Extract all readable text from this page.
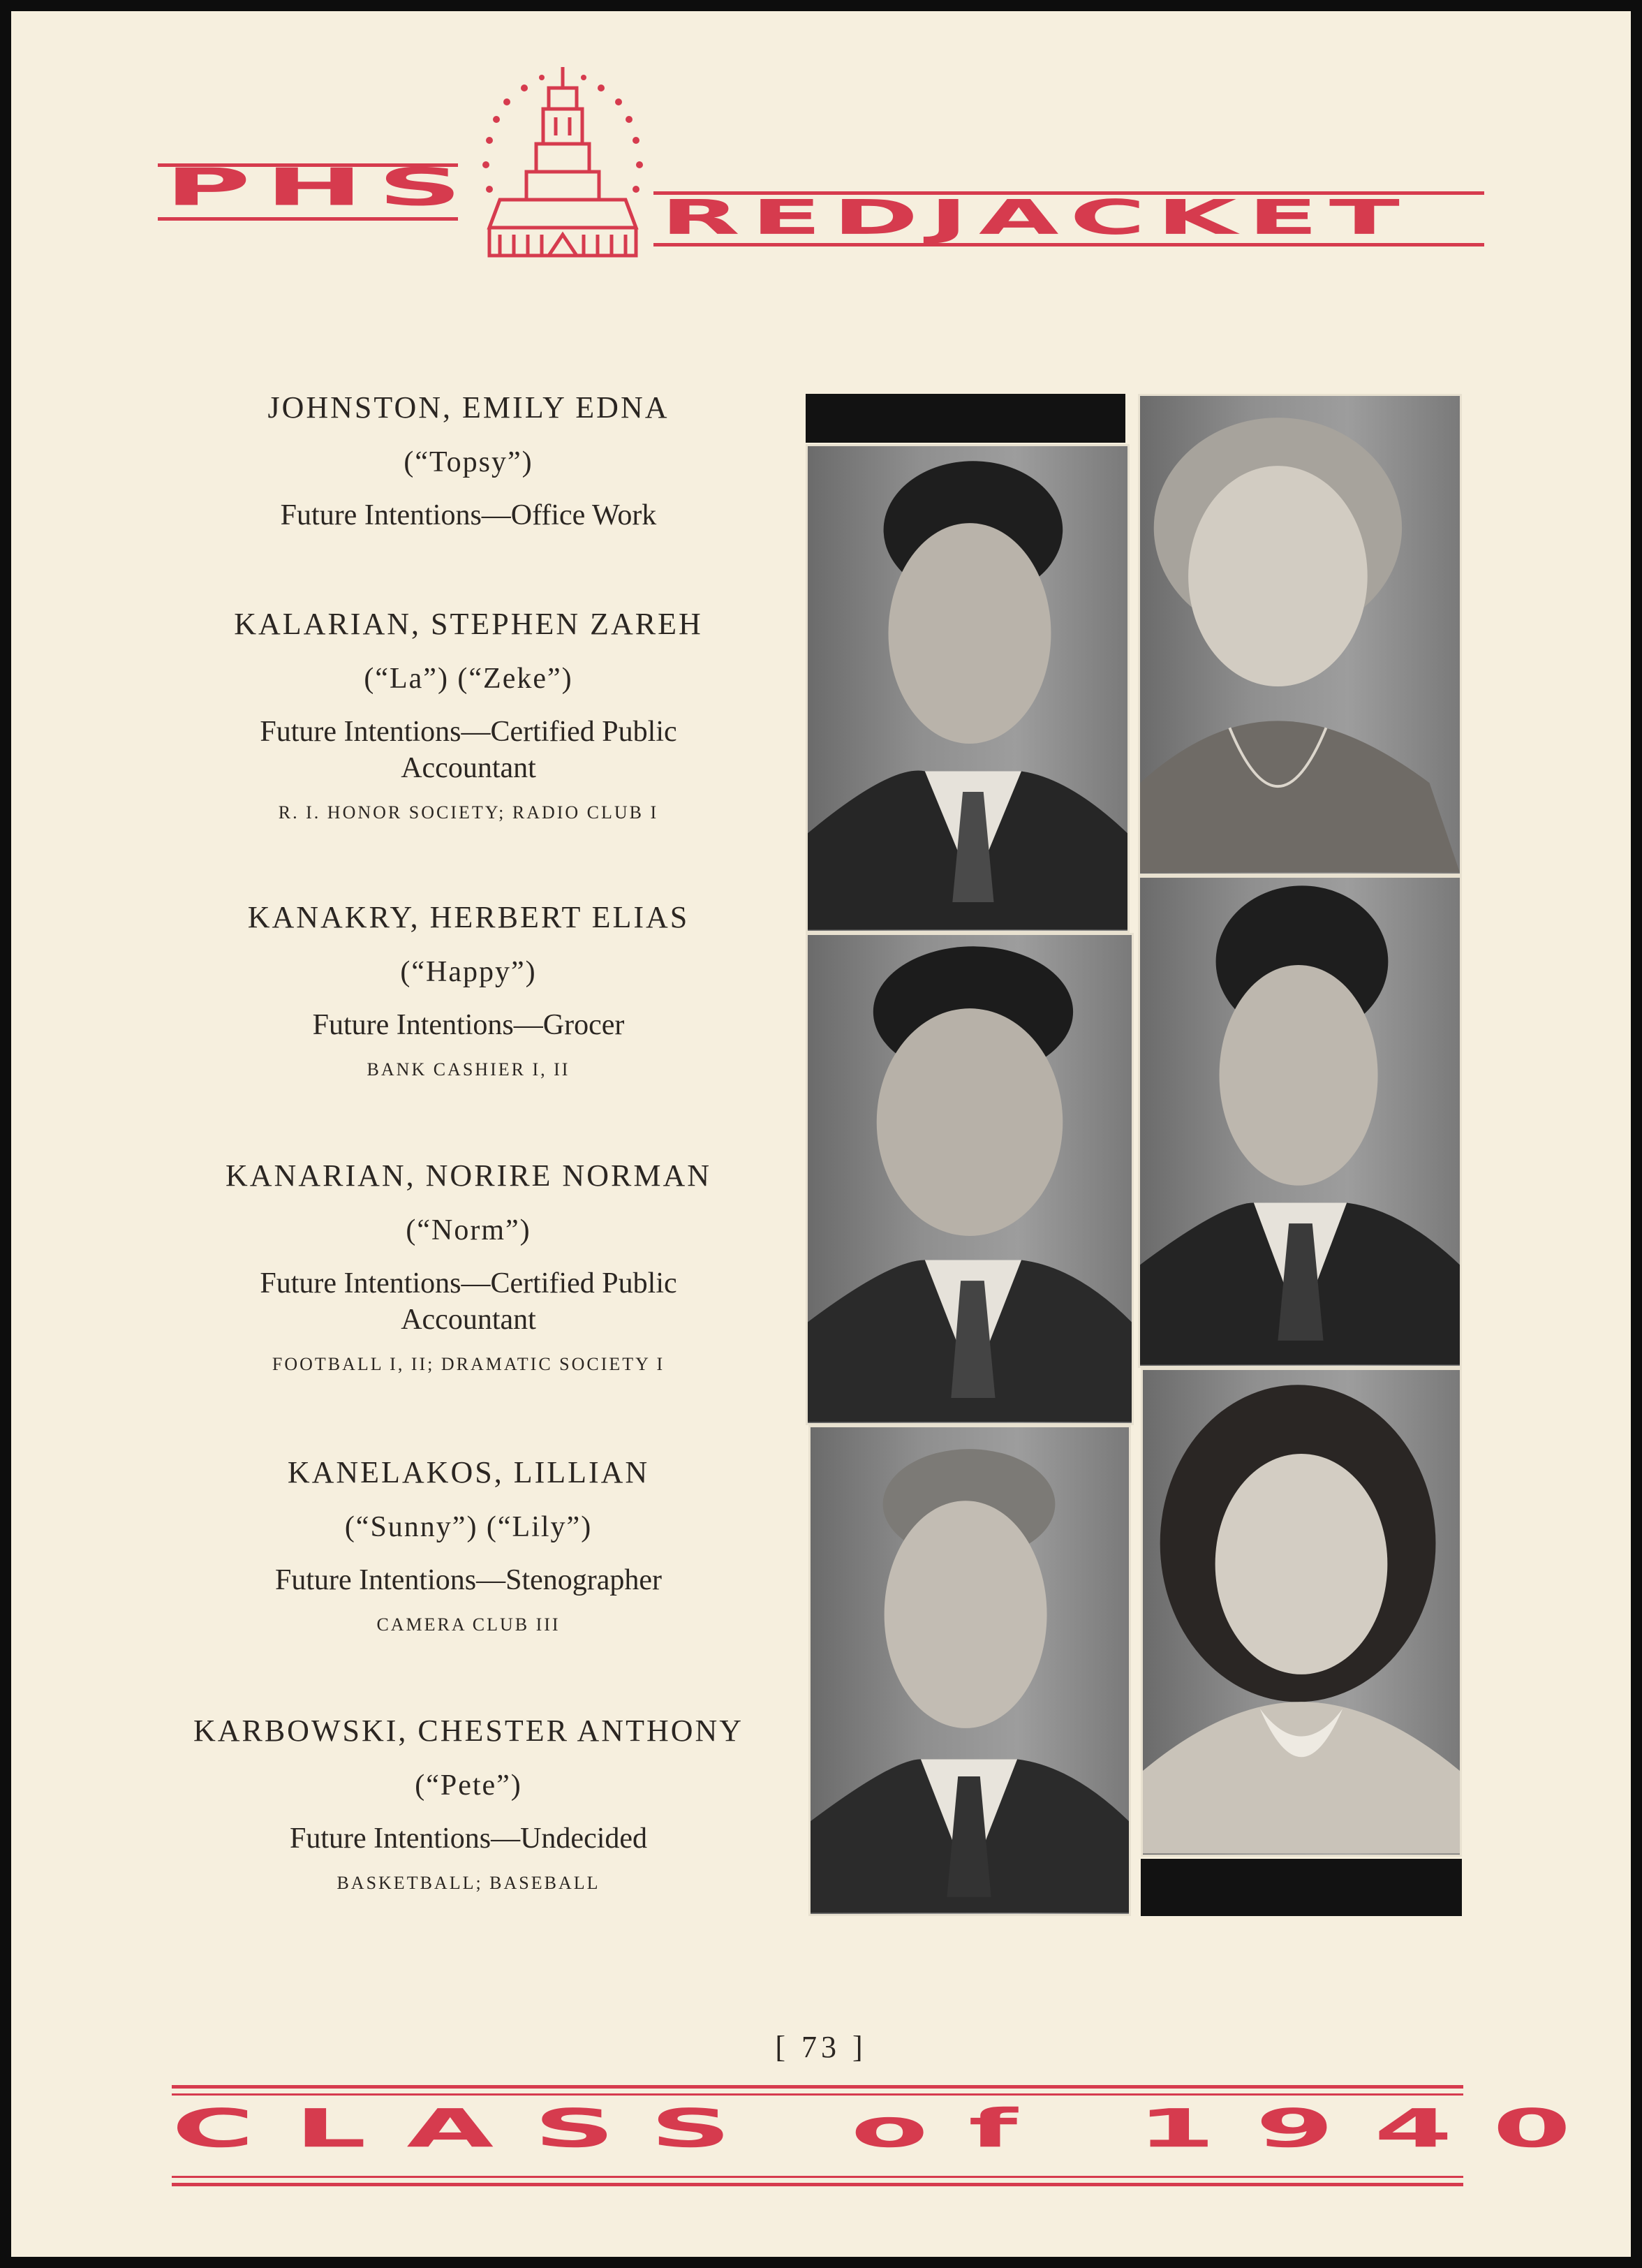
PHS	REDJACKET
JOHNSTON, EMILY EDNA
(“Topsy”)
Future Intentions—Office Work
KALARIAN, STEPHEN ZAREH
(“La”) (“Zeke”)
Future Intentions—Certified Public Accountant
R. I. HONOR SOCIETY; RADIO CLUB I
KANAKRY, HERBERT ELIAS
(“Happy”)
Future Intentions—Grocer
BANK CASHIER I, II
KANARIAN, NORIRE NORMAN
(“Norm”)
Future Intentions—Certified Public Accountant
FOOTBALL I, II; DRAMATIC SOCIETY I
KANELAKOS, LILLIAN
(“Sunny”) (“Lily”)
Future Intentions—Stenographer
CAMERA CLUB III
KARBOWSKI, CHESTER ANTHONY
(“Pete”)
Future Intentions—Undecided
BASKETBALL; BASEBALL
[ 73 ]
CLASS of 1940
